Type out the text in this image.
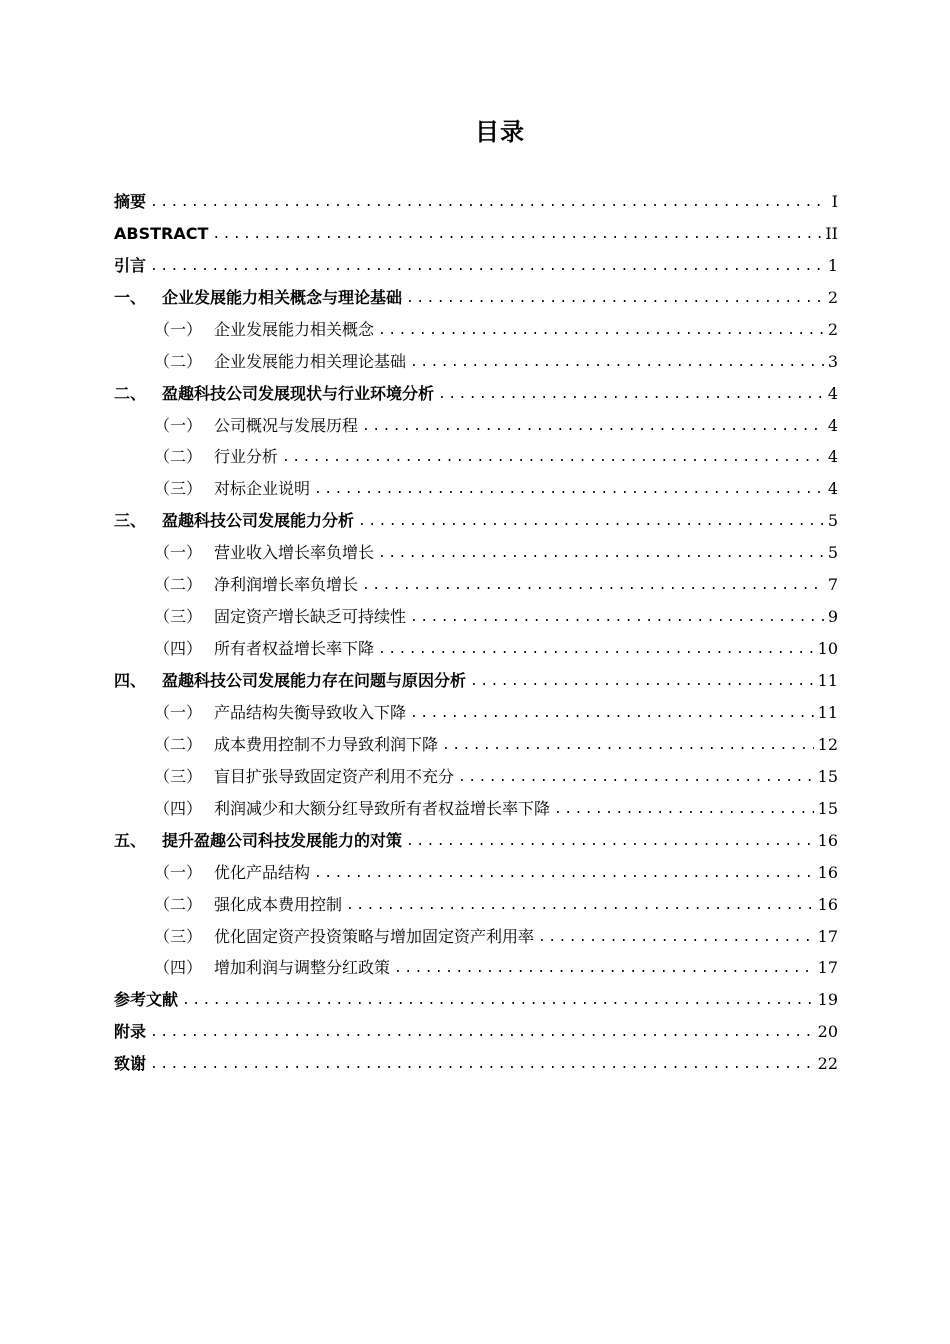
目录
摘要 .....	I
ABSTRACT .....	II
引言 .....	1
一、 企业发展能力相关概念与理论基础 .....	2
（一） 企业发展能力相关概念 .....	2
（二） 企业发展能力相关理论基础 .....	3
二、 盈趣科技公司发展现状与行业环境分析 .....	4
（一） 公司概况与发展历程 .....	4
（二） 行业分析 .....	4
（三） 对标企业说明 .....	4
三、 盈趣科技公司发展能力分析 .....	5
（一） 营业收入增长率负增长 .....	5
（二） 净利润增长率负增长 .....	7
（三） 固定资产增长缺乏可持续性 .....	9
（四） 所有者权益增长率下降 .....	10
四、 盈趣科技公司发展能力存在问题与原因分析 .....	11
（一） 产品结构失衡导致收入下降 .....	11
（二） 成本费用控制不力导致利润下降 .....	12
（三） 盲目扩张导致固定资产利用不充分 .....	15
（四） 利润减少和大额分红导致所有者权益增长率下降 .....	15
五、 提升盈趣公司科技发展能力的对策 .....	16
（一） 优化产品结构 .....	16
（二） 强化成本费用控制 .....	16
（三） 优化固定资产投资策略与增加固定资产利用率 .....	17
（四） 增加利润与调整分红政策 .....	17
参考文献 .....	19
附录 .....	20
致谢 .....	22
